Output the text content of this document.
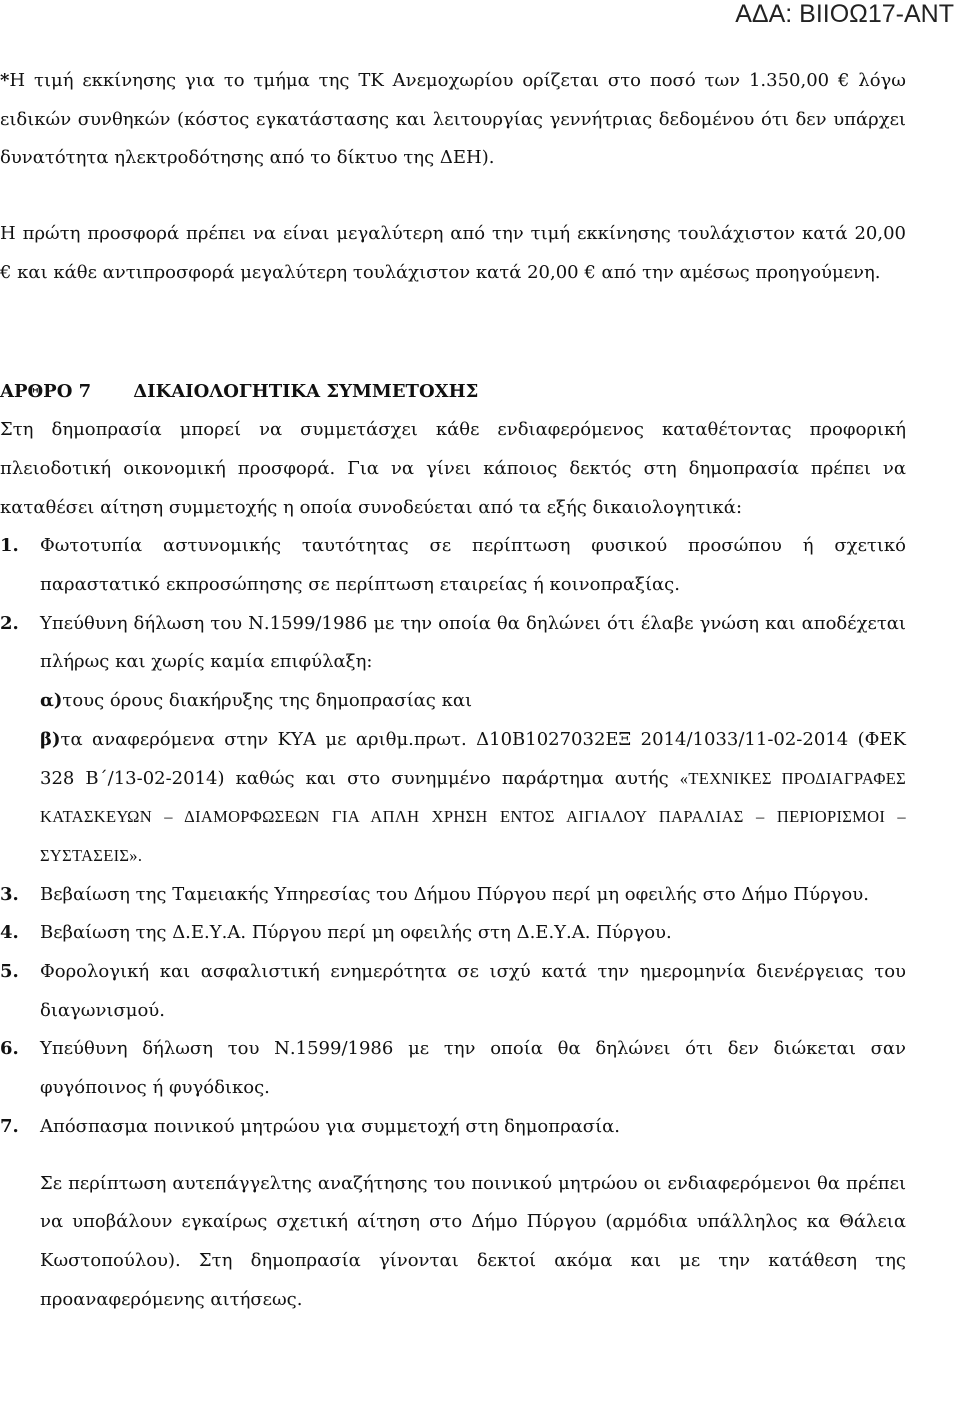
ΑΔΑ: ΒΙΙΟΩ17-ΑΝΤ

*Η τιμή εκκίνησης για το τμήμα της ΤΚ Ανεμοχωρίου ορίζεται στο ποσό των 1.350,00 € λόγω ειδικών συνθηκών (κόστος εγκατάστασης και λειτουργίας γεννήτριας δεδομένου ότι δεν υπάρχει δυνατότητα ηλεκτροδότησης από το δίκτυο της ΔΕΗ).

Η πρώτη προσφορά πρέπει να είναι μεγαλύτερη από την τιμή εκκίνησης τουλάχιστον κατά 20,00 € και κάθε αντιπροσφορά μεγαλύτερη τουλάχιστον κατά 20,00 € από την αμέσως προηγούμενη.

ΑΡΘΡΟ 7 ΔΙΚΑΙΟΛΟΓΗΤΙΚΑ ΣΥΜΜΕΤΟΧΗΣ

Στη δημοπρασία μπορεί να συμμετάσχει κάθε ενδιαφερόμενος καταθέτοντας προφορική πλειοδοτική οικονομική προσφορά. Για να γίνει κάποιος δεκτός στη δημοπρασία πρέπει να καταθέσει αίτηση συμμετοχής η οποία συνοδεύεται από τα εξής δικαιολογητικά:

1. Φωτοτυπία αστυνομικής ταυτότητας σε περίπτωση φυσικού προσώπου ή σχετικό παραστατικό εκπροσώπησης σε περίπτωση εταιρείας ή κοινοπραξίας.
2. Υπεύθυνη δήλωση του Ν.1599/1986 με την οποία θα δηλώνει ότι έλαβε γνώση και αποδέχεται πλήρως και χωρίς καμία επιφύλαξη:
α)τους όρους διακήρυξης της δημοπρασίας και
β)τα αναφερόμενα στην ΚΥΑ με αριθμ.πρωτ. Δ10Β1027032ΕΞ 2014/1033/11-02-2014 (ΦΕΚ 328 Β΄/13-02-2014) καθώς και στο συνημμένο παράρτημα αυτής «ΤΕΧΝΙΚΕΣ ΠΡΟΔΙΑΓΡΑΦΕΣ ΚΑΤΑΣΚΕΥΩΝ – ΔΙΑΜΟΡΦΩΣΕΩΝ ΓΙΑ ΑΠΛΗ ΧΡΗΣΗ ΕΝΤΟΣ ΑΙΓΙΑΛΟΥ ΠΑΡΑΛΙΑΣ – ΠΕΡΙΟΡΙΣΜΟΙ – ΣΥΣΤΑΣΕΙΣ».
3. Βεβαίωση της Ταμειακής Υπηρεσίας του Δήμου Πύργου περί μη οφειλής στο Δήμο Πύργου.
4. Βεβαίωση της Δ.Ε.Υ.Α. Πύργου περί μη οφειλής στη Δ.Ε.Υ.Α. Πύργου.
5. Φορολογική και ασφαλιστική ενημερότητα σε ισχύ κατά την ημερομηνία διενέργειας του διαγωνισμού.
6. Υπεύθυνη δήλωση του Ν.1599/1986 με την οποία θα δηλώνει ότι δεν διώκεται σαν φυγόποινος ή φυγόδικος.
7. Απόσπασμα ποινικού μητρώου για συμμετοχή στη δημοπρασία.

Σε περίπτωση αυτεπάγγελτης αναζήτησης του ποινικού μητρώου οι ενδιαφερόμενοι θα πρέπει να υποβάλουν εγκαίρως σχετική αίτηση στο Δήμο Πύργου (αρμόδια υπάλληλος κα Θάλεια Κωστοπούλου). Στη δημοπρασία γίνονται δεκτοί ακόμα και με την κατάθεση της προαναφερόμενης αιτήσεως.
